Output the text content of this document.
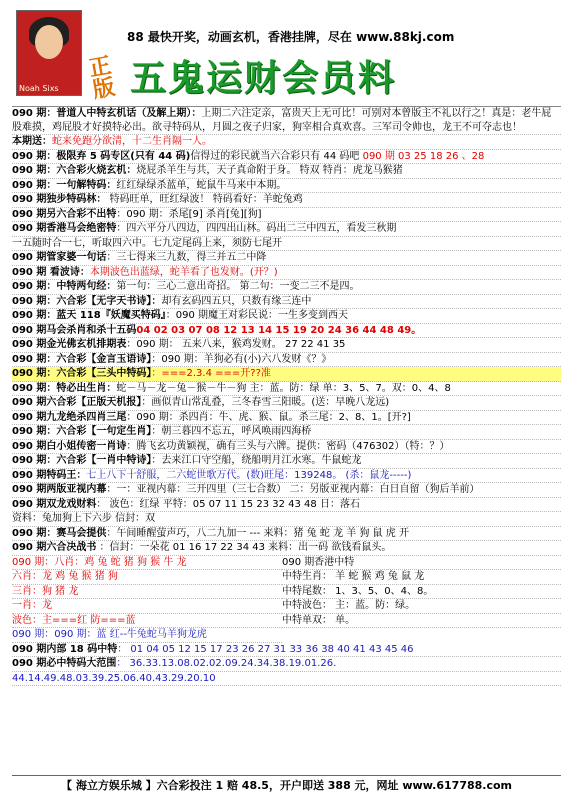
Noah Sixs
正版
88 最快开奖，动画玄机，香港挂牌，尽在 www.88kj.com
五鬼运财会员料
090 期：普道人中特玄机话（及解上期）：上期二六注定亲，富贵天上无可比！可别对本曾版主不礼以行之！真是：老牛屁股难摸，鸡屁股才好摸特必出。欲寻特码从，月圆之夜子归家，狗宰相合真欢喜。三军司令帅也，龙王不可夺志也！
本期送：蛇来免跑分欲清，十二生肖隔一人。
090 期：极限弃 5 码专区(只有 44 码)信得过的彩民就当六合彩只有 44 码吧 090 期 03 25 18 26 、28
090 期：六合彩火烧玄机：烧屁杀羊生与共，天子真命附于身。 特双 特肖：虎龙马猴猪
090 期：一句解特码：红红绿绿杀蓝单，蛇鼠牛马来中本期。
090 期独步特码林： 特码旺单，旺红绿波！ 特码看好：羊蛇兔鸡
090 期另六合彩不出特：090 期：杀尾[9] 杀肖[兔][狗]
090 期香港马会绝密特：四六平分八四边，四四出山林。码出二三中四五，看发三秋期
一五随时合一七，听取四六中。七九定尾码上来，须防七尾开
090 期管家婆一句话：三七得来三九数，得三并五二中降
090 期 看波诗：本期波色出蓝绿，蛇羊看了也发财。(开？)
090 期：中特两句经：第一句：三心二意出奇招。 第二句：一变二三不是四。
090 期：六合彩【无字天书诗】：却有玄码四五只，只数有缘三连中
090 期：蓝天 118『妖魔买特码』：090 期魔王对彩民说：一生多变到西天
090 期马会杀肖和杀十五码04 02 03 07 08 12 13 14 15 19 20 24 36 44 48 49。
090 期金光佛玄机排期表：090 期： 五来八来，猴鸡发财。 27 22 41 35
090 期：六合彩【金言玉语诗】：090 期：羊狗必有(小)六八发财《？》
090 期：六合彩【三头中特码】：===2.3.4 ===开??准
090 期：特必出生肖：蛇－马－龙－兔－猴－牛－狗 主：蓝。防：绿 单：3、5、7。双：0、4、8
090 期六合彩【正版天机报】：画似青山常乱叠，三冬春雪三阳暖。(送：早晚八龙远)
090 期九龙绝杀四肖三尾：090 期：杀四肖：牛、虎、猴、鼠。杀三尾：2、8、1。[开?]
090 期：六合彩【一句定生肖】：朝三暮四不忘五，呼风唤雨四海桥
090 期白小姐传密一肖诗：腾飞玄功黄颖视，确有三头与六牌。提供：密码（476302）（特：？）
090 期：六合彩【一肖中特诗】：去来江口守空船，绕船明月江水寒。牛鼠蛇龙
090 期特码王：七上八下十舒服，二六蛇世歌万代。(数)旺尾：139248。 (杀：鼠龙-----)
090 期两版亚视内幕：一：亚视内幕：三开四里（三七合数） 二：另版亚视内幕：白日自留（狗后羊前）
090 期双龙戏财料： 波色：红绿 平特：05 07 11 15 23 32 43 48 日：落石
资料：兔加狗上下六步 信封：双
090 期：赛马会提供：午间睡醒萤声巧，八二九加一 --- 来料：猪 兔 蛇 龙 羊 狗 鼠 虎 开
090 期六合决战书 ：信封：一朵花 01 16 17 22 34 43 来料：出一码 欲钱看鼠头。
090 期：八肖：鸡 兔 蛇 猪 狗 猴 牛 龙
六肖：龙 鸡 兔 猴 猪 狗
三肖：狗 猪 龙
一肖：龙
波色：主===红 防===蓝
090 期：090 期：蓝 红--牛兔蛇马羊狗龙虎
090 期香港中特
中特生肖： 羊 蛇 猴 鸡 兔 鼠 龙
中特尾数： 1、3、5、0、4、8。
中特波色： 主：蓝。防：绿。
中特单双： 单。
090 期内部 18 码中特： 01 04 05 12 15 17 23 26 27 31 33 36 38 40 41 43 45 46
090 期必中特码大范围： 36.33.13.08.02.02.09.24.34.38.19.01.26.
44.14.49.48.03.39.25.06.40.43.29.20.10
【 海立方娱乐城 】六合彩投注 1 赔 48.5，开户即送 388 元，网址 www.617788.com
